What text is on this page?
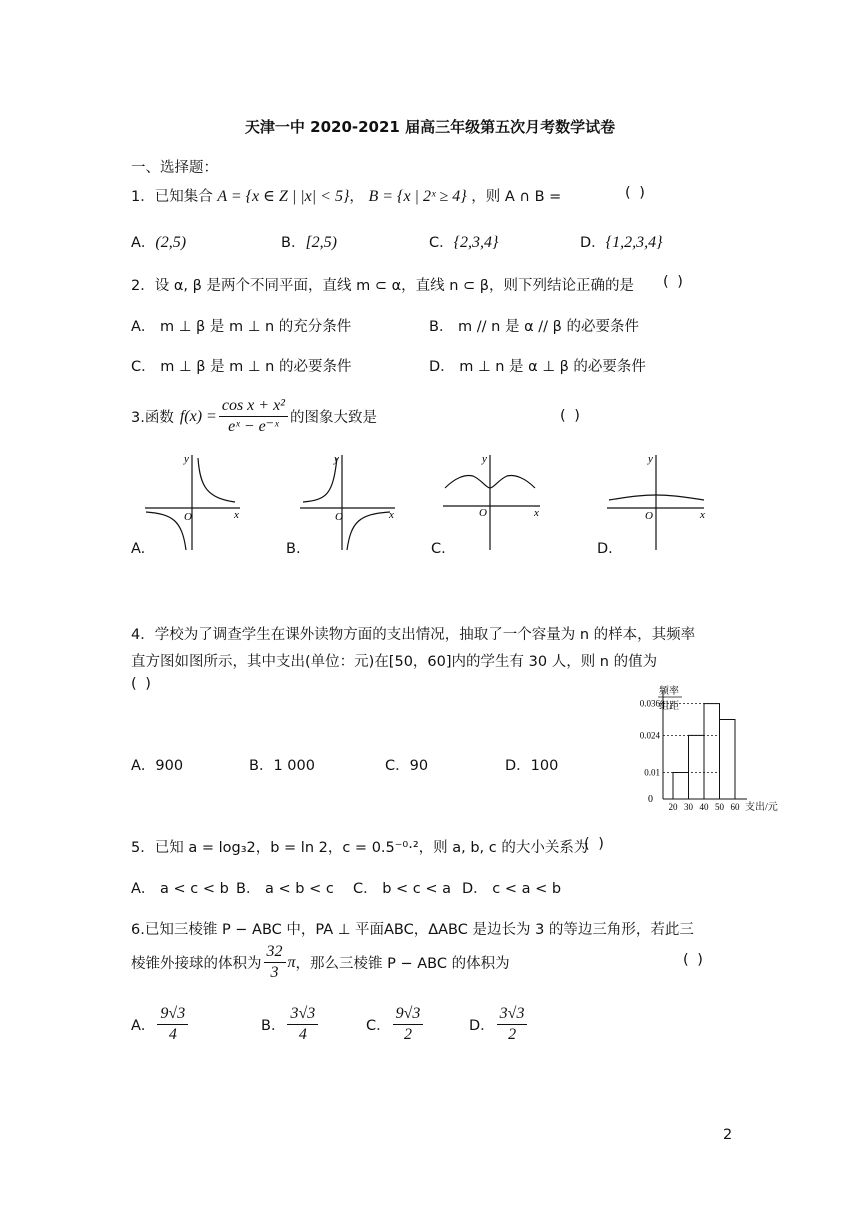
天津一中 2020-2021 届高三年级第五次月考数学试卷
一、选择题：
1．已知集合 A = {x ∈ Z | |x| < 5}， B = {x | 2ˣ ≥ 4} ，则 A ∩ B =	( )
A．(2,5)	B．[2,5)	C．{2,3,4}	D．{1,2,3,4}
2．设 α, β 是两个不同平面，直线 m ⊂ α，直线 n ⊂ β，则下列结论正确的是 ( )
A． m ⊥ β 是 m ⊥ n 的充分条件	B． m // n 是 α // β 的必要条件
C． m ⊥ β 是 m ⊥ n 的必要条件	D． m ⊥ n 是 α ⊥ β 的必要条件
3.函数 $f(x) = \frac{\text{cos x + x²}}{\text{eˣ − e⁻ˣ}}$ 的图象大致是	( )
y
x
O
A.
y
x
O
B.
y
x
O
C.
y
x
O
D.
4．学校为了调查学生在课外读物方面的支出情况，抽取了一个容量为 n 的样本，其频率
直方图如图所示，其中支出(单位：元)在[50，60]内的学生有 30 人，则 n 的值为
( )
A．900	B．1 000	C．90	D．100
频率
组距
0
0.036
0.024
0.01
20 30 40 50 60 支出/元
5．已知 a = log₃2，b = ln 2，c = 0.5⁻⁰·²，则 a, b, c 的大小关系为
( )
A． a < c < b B． a < b < c C． b < c < a D． c < a < b
6.已知三棱锥 P − ABC 中，PA ⊥ 平面ABC，ΔABC 是边长为 3 的等边三角形，若此三
棱锥外接球的体积为 $\frac{32}{3}$ π ，那么三棱锥 P − ABC 的体积为	( )
A． $\frac{9√3}{4}$	B． $\frac{3√3}{4}$	C． $\frac{9√3}{2}$	D． $\frac{3√3}{2}$
2
